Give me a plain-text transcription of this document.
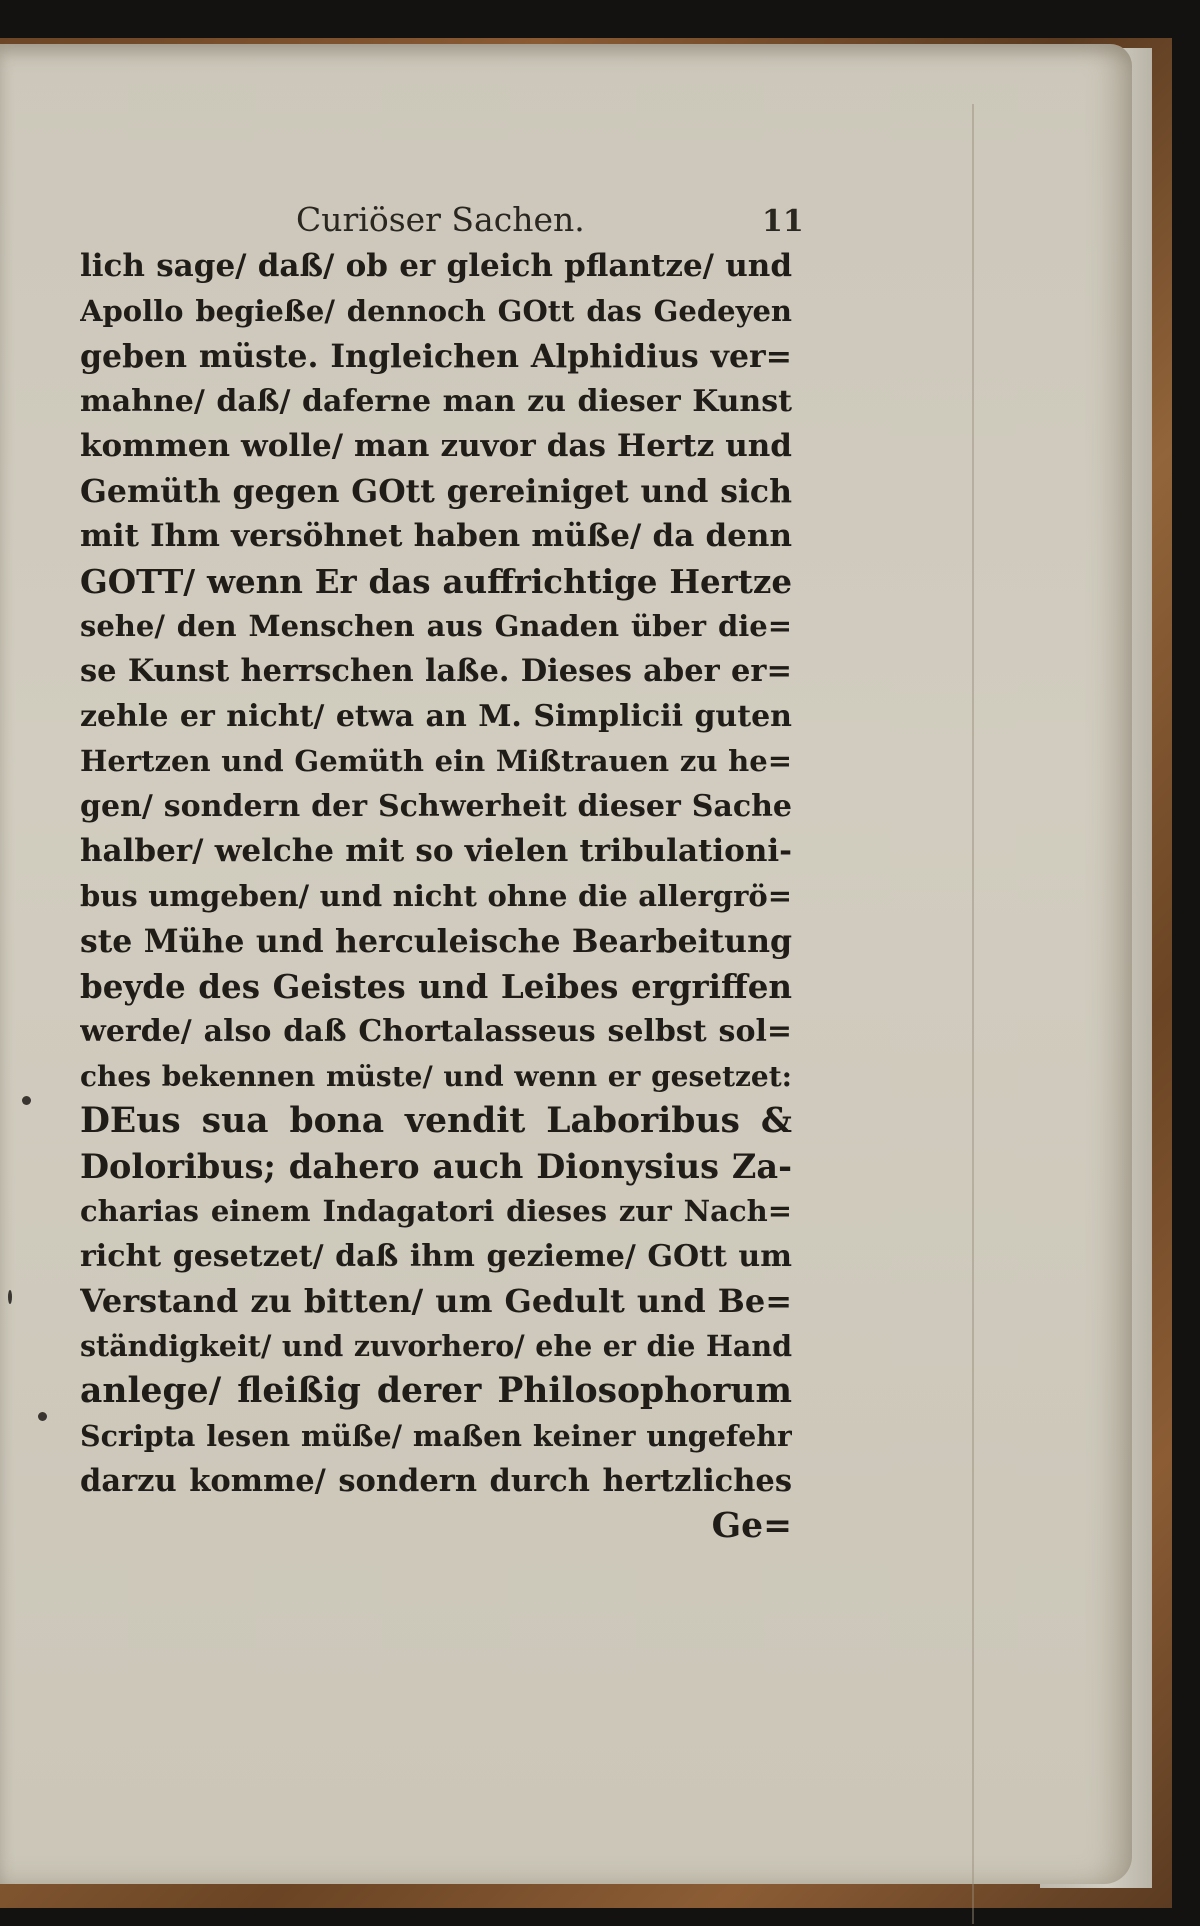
Curiöser Sachen.	11
lich sage/ daß/ ob er gleich pflantze/ und
Apollo begieße/ dennoch GOtt das Gedeyen
geben müste. Ingleichen Alphidius ver=
mahne/ daß/ daferne man zu dieser Kunst
kommen wolle/ man zuvor das Hertz und
Gemüth gegen GOtt gereiniget und sich
mit Ihm versöhnet haben müße/ da denn
GOTT/ wenn Er das auffrichtige Hertze
sehe/ den Menschen aus Gnaden über die=
se Kunst herrschen laße. Dieses aber er=
zehle er nicht/ etwa an M. Simplicii guten
Hertzen und Gemüth ein Mißtrauen zu he=
gen/ sondern der Schwerheit dieser Sache
halber/ welche mit so vielen tribulationi-
bus umgeben/ und nicht ohne die allergrö=
ste Mühe und herculeische Bearbeitung
beyde des Geistes und Leibes ergriffen
werde/ also daß Chortalasseus selbst sol=
ches bekennen müste/ und wenn er gesetzet:
DEus sua bona vendit Laboribus &
Doloribus; dahero auch Dionysius Za-
charias einem Indagatori dieses zur Nach=
richt gesetzet/ daß ihm gezieme/ GOtt um
Verstand zu bitten/ um Gedult und Be=
ständigkeit/ und zuvorhero/ ehe er die Hand
anlege/ fleißig derer Philosophorum
Scripta lesen müße/ maßen keiner ungefehr
darzu komme/ sondern durch hertzliches
Ge=
